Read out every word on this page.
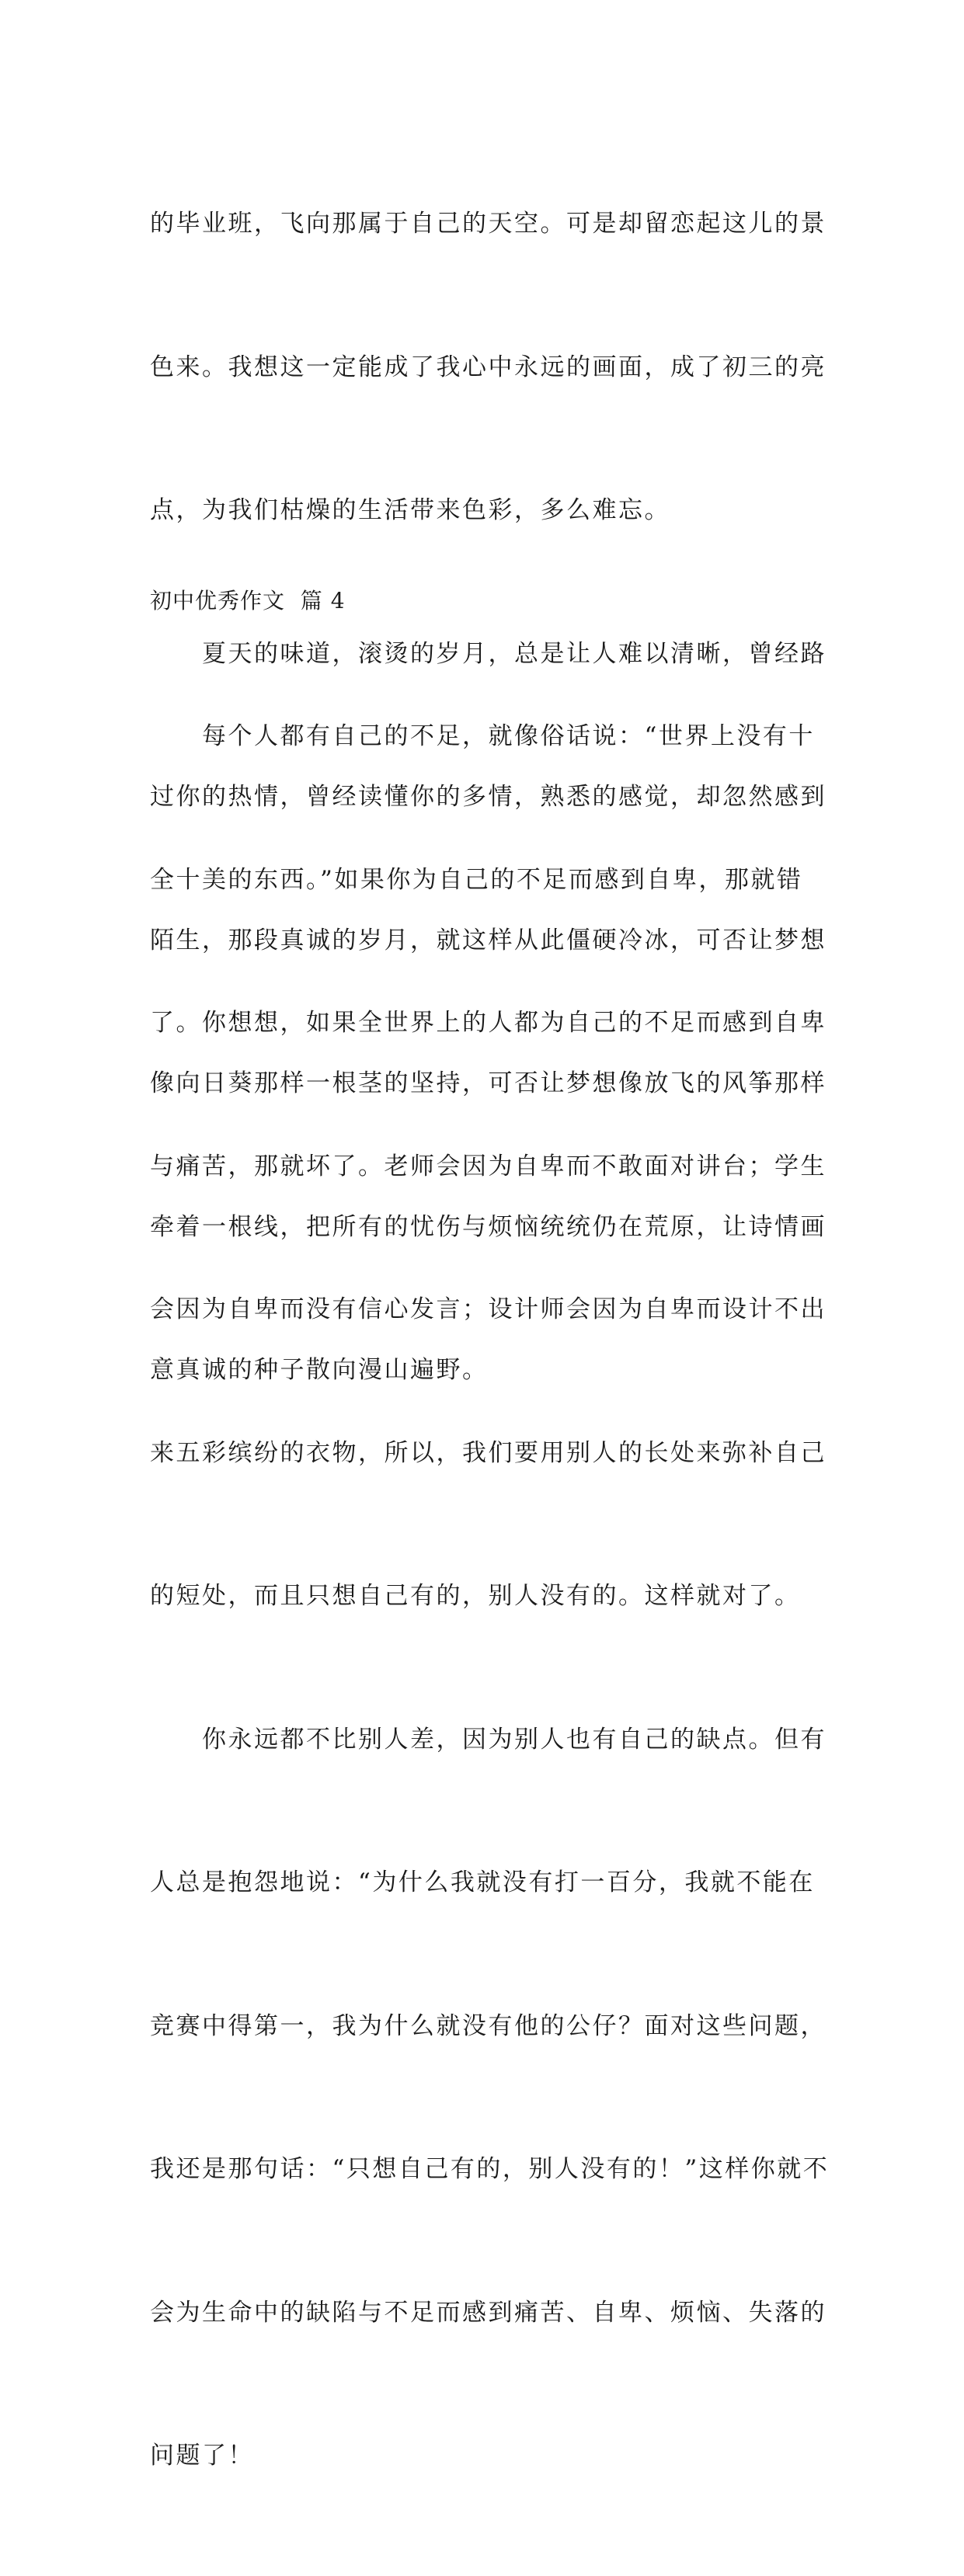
的毕业班，飞向那属于自己的天空。可是却留恋起这儿的景

色来。我想这一定能成了我心中永远的画面，成了初三的亮

点，为我们枯燥的生活带来色彩，多么难忘。

　　夏天的味道，滚烫的岁月，总是让人难以清晰，曾经路

过你的热情，曾经读懂你的多情，熟悉的感觉，却忽然感到

陌生，那段真诚的岁月，就这样从此僵硬冷冰，可否让梦想

像向日葵那样一根茎的坚持，可否让梦想像放飞的风筝那样

牵着一根线，把所有的忧伤与烦恼统统仍在荒原，让诗情画

意真诚的种子散向漫山遍野。

初中优秀作文  篇 4

　　每个人都有自己的不足，就像俗话说：“世界上没有十

全十美的东西。”如果你为自己的不足而感到自卑，那就错

了。你想想，如果全世界上的人都为自己的不足而感到自卑

与痛苦，那就坏了。老师会因为自卑而不敢面对讲台；学生

会因为自卑而没有信心发言；设计师会因为自卑而设计不出

来五彩缤纷的衣物，所以，我们要用别人的长处来弥补自己

的短处，而且只想自己有的，别人没有的。这样就对了。

　　你永远都不比别人差，因为别人也有自己的缺点。但有

人总是抱怨地说：“为什么我就没有打一百分，我就不能在

竞赛中得第一，我为什么就没有他的公仔？面对这些问题，

我还是那句话：“只想自己有的，别人没有的！”这样你就不

会为生命中的缺陷与不足而感到痛苦、自卑、烦恼、失落的

问题了！
